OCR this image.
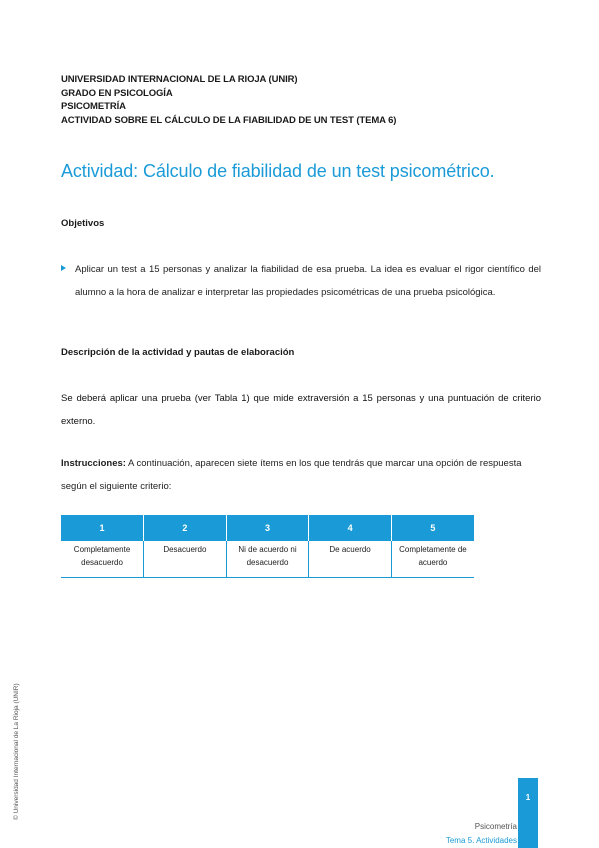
UNIVERSIDAD INTERNACIONAL DE LA RIOJA (UNIR)
GRADO EN PSICOLOGÍA
PSICOMETRÍA
ACTIVIDAD SOBRE EL CÁLCULO DE LA FIABILIDAD DE UN TEST (TEMA 6)
Actividad: Cálculo de fiabilidad de un test psicométrico.
Objetivos
Aplicar un test a 15 personas y analizar la fiabilidad de esa prueba. La idea es evaluar el rigor científico del alumno a la hora de analizar e interpretar las propiedades psicométricas de una prueba psicológica.
Descripción de la actividad y pautas de elaboración
Se deberá aplicar una prueba (ver Tabla 1) que mide extraversión a 15 personas y una puntuación de criterio externo.
Instrucciones: A continuación, aparecen siete ítems en los que tendrás que marcar una opción de respuesta según el siguiente criterio:
1	2	3	4	5
Completamente desacuerdo	Desacuerdo	Ni de acuerdo ni desacuerdo	De acuerdo	Completamente de acuerdo
© Universidad Internacional de La Rioja (UNIR)	1
Psicometría
Tema 5. Actividades
